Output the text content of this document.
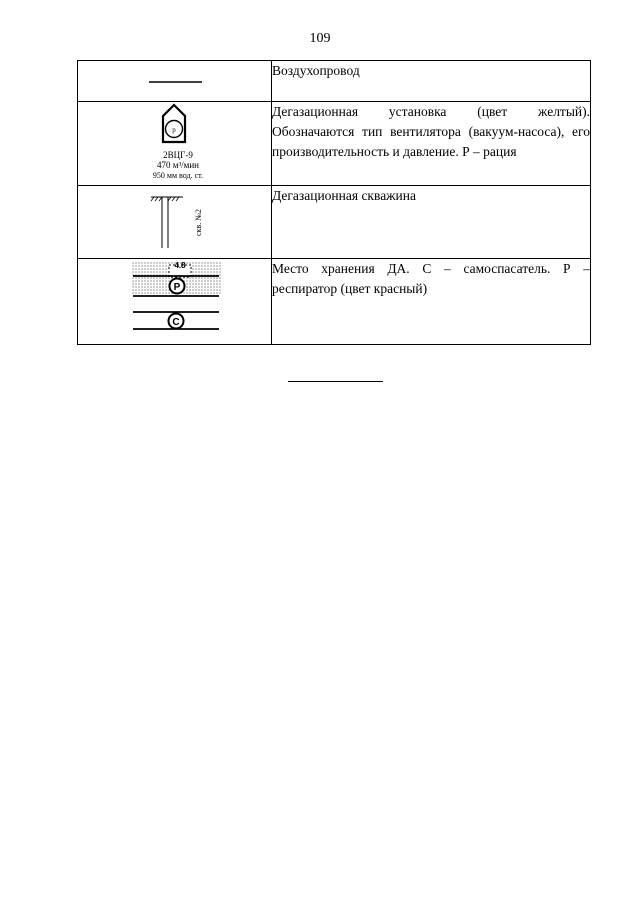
109
	Воздухопровод

р
2ВЦГ-9
470 м³/мин
950 мм вод. ст.	Дегазационная установка (цвет желтый). Обозначаются тип вентилятора (вакуум-насоса), его производительность и давление. Р – рация

скв. №2	Дегазационная скважина

4.8
Р
С	Место хранения ДА. С – самоспасатель. Р – респиратор (цвет красный)
